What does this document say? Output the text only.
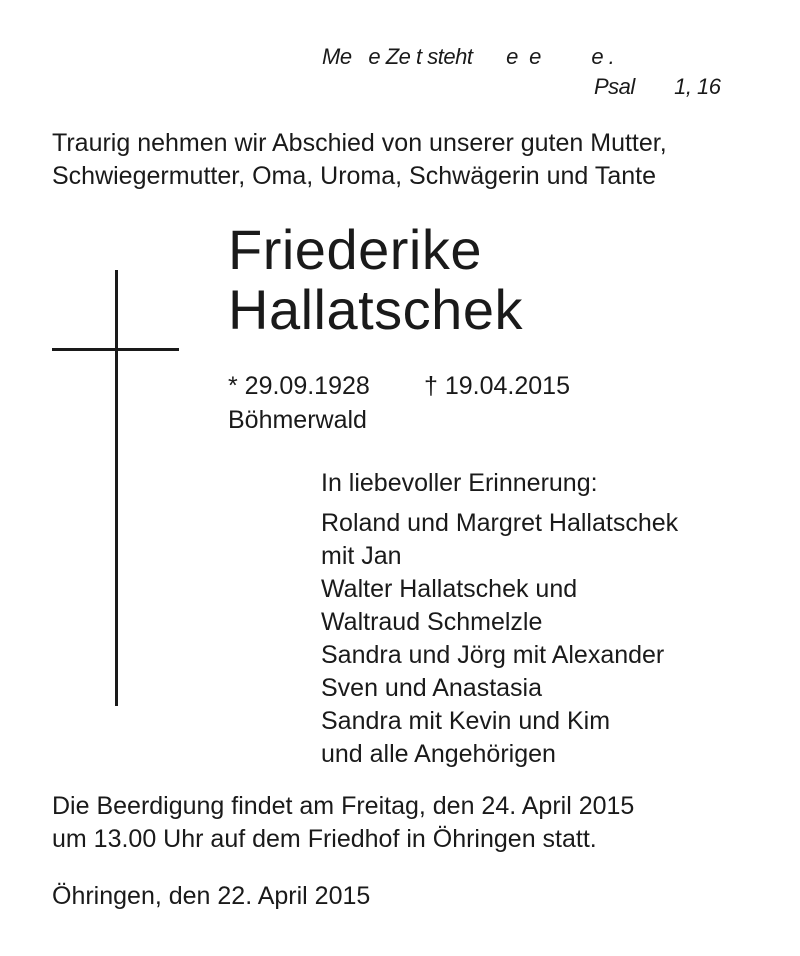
Me   e Ze t steht      e  e         e .
Psal       1, 16
Traurig nehmen wir Abschied von unserer guten Mutter,
Schwiegermutter, Oma, Uroma, Schwägerin und Tante
Friederike
Hallatschek
* 29.09.1928 † 19.04.2015
Böhmerwald
In liebevoller Erinnerung:
Roland und Margret Hallatschek
mit Jan
Walter Hallatschek und
Waltraud Schmelzle
Sandra und Jörg mit Alexander
Sven und Anastasia
Sandra mit Kevin und Kim
und alle Angehörigen
Die Beerdigung findet am Freitag, den 24. April 2015
um 13.00 Uhr auf dem Friedhof in Öhringen statt.
Öhringen, den 22. April 2015
